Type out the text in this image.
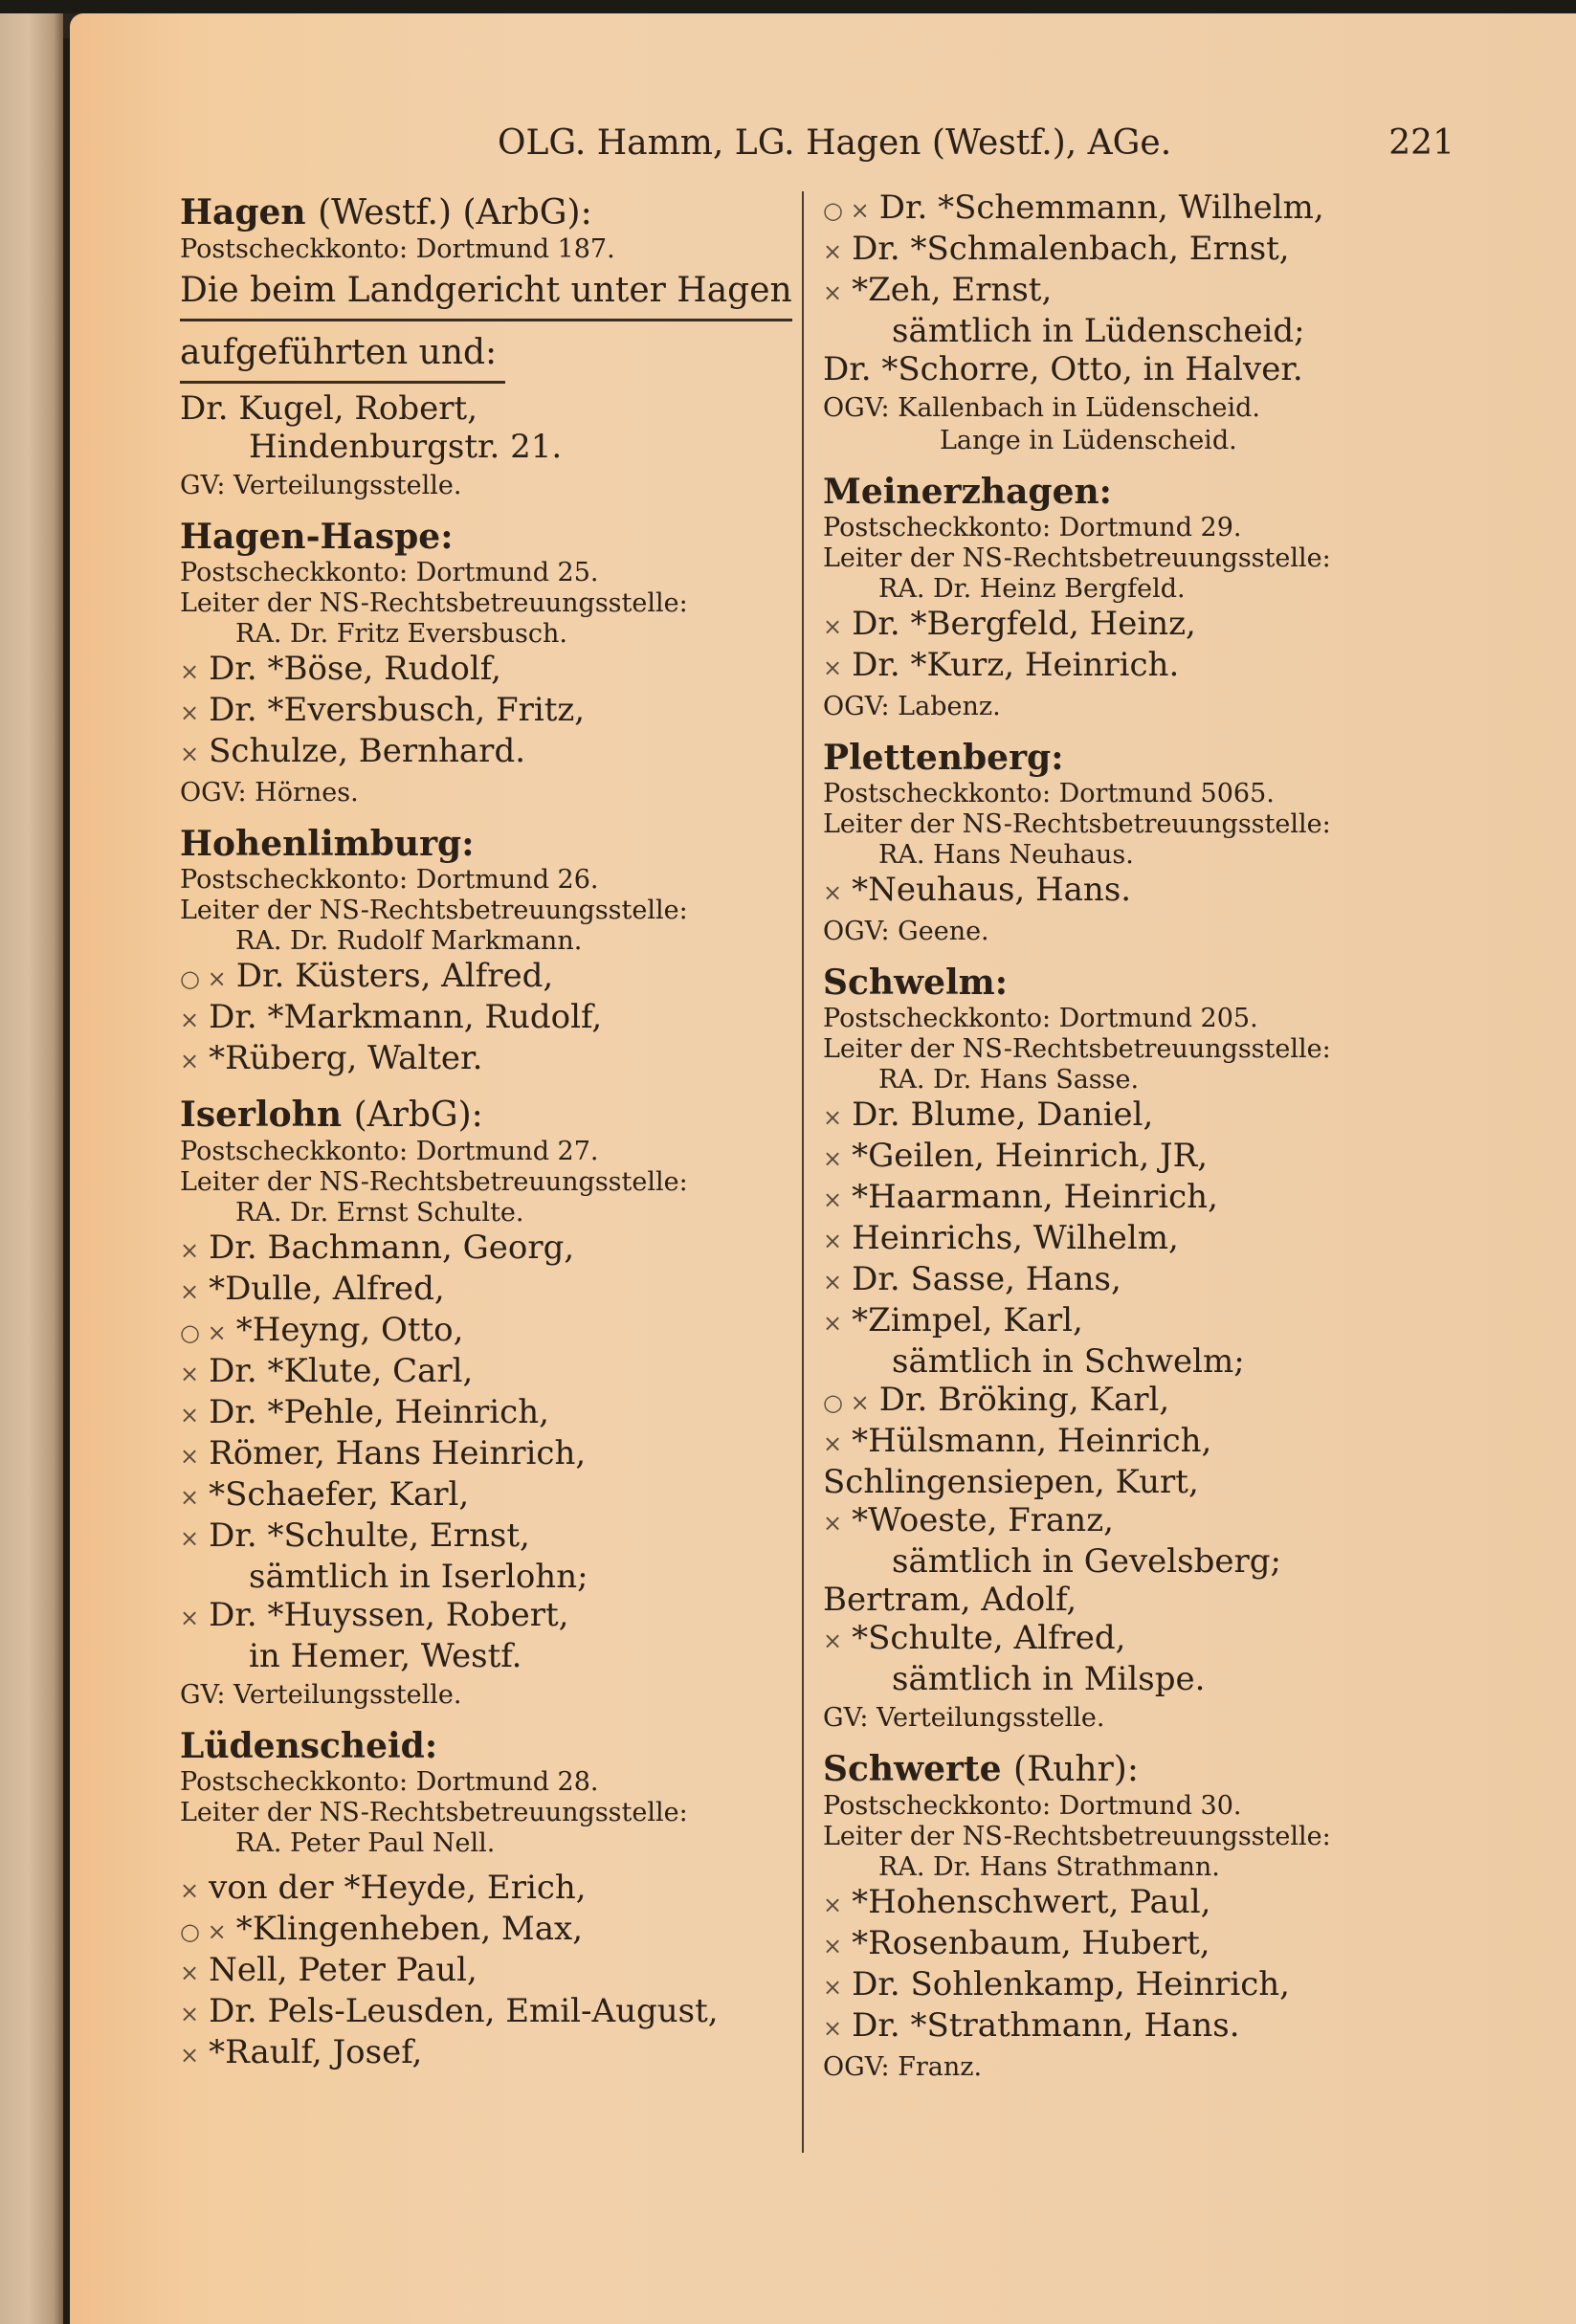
OLG. Hamm, LG. Hagen (Westf.), AGe.	221
Hagen (Westf.) (ArbG):
Postscheckkonto: Dortmund 187.
Die beim Landgericht unter Hagen
aufgeführten und:
Dr. Kugel, Robert,
Hindenburgstr. 21.
GV: Verteilungsstelle.
Hagen-Haspe:
Postscheckkonto: Dortmund 25.
Leiter der NS-Rechtsbetreuungsstelle:
RA. Dr. Fritz Eversbusch.
× Dr. *Böse, Rudolf,
× Dr. *Eversbusch, Fritz,
× Schulze, Bernhard.
OGV: Hörnes.
Hohenlimburg:
Postscheckkonto: Dortmund 26.
Leiter der NS-Rechtsbetreuungsstelle:
RA. Dr. Rudolf Markmann.
○ × Dr. Küsters, Alfred,
× Dr. *Markmann, Rudolf,
× *Rüberg, Walter.
Iserlohn (ArbG):
Postscheckkonto: Dortmund 27.
Leiter der NS-Rechtsbetreuungsstelle:
RA. Dr. Ernst Schulte.
× Dr. Bachmann, Georg,
× *Dulle, Alfred,
○ × *Heyng, Otto,
× Dr. *Klute, Carl,
× Dr. *Pehle, Heinrich,
× Römer, Hans Heinrich,
× *Schaefer, Karl,
× Dr. *Schulte, Ernst,
sämtlich in Iserlohn;
× Dr. *Huyssen, Robert,
in Hemer, Westf.
GV: Verteilungsstelle.
Lüdenscheid:
Postscheckkonto: Dortmund 28.
Leiter der NS-Rechtsbetreuungsstelle:
RA. Peter Paul Nell.
× von der *Heyde, Erich,
○ × *Klingenheben, Max,
× Nell, Peter Paul,
× Dr. Pels-Leusden, Emil-August,
× *Raulf, Josef,
○ × Dr. *Schemmann, Wilhelm,
× Dr. *Schmalenbach, Ernst,
× *Zeh, Ernst,
sämtlich in Lüdenscheid;
Dr. *Schorre, Otto, in Halver.
OGV: Kallenbach in Lüdenscheid.
Lange in Lüdenscheid.
Meinerzhagen:
Postscheckkonto: Dortmund 29.
Leiter der NS-Rechtsbetreuungsstelle:
RA. Dr. Heinz Bergfeld.
× Dr. *Bergfeld, Heinz,
× Dr. *Kurz, Heinrich.
OGV: Labenz.
Plettenberg:
Postscheckkonto: Dortmund 5065.
Leiter der NS-Rechtsbetreuungsstelle:
RA. Hans Neuhaus.
× *Neuhaus, Hans.
OGV: Geene.
Schwelm:
Postscheckkonto: Dortmund 205.
Leiter der NS-Rechtsbetreuungsstelle:
RA. Dr. Hans Sasse.
× Dr. Blume, Daniel,
× *Geilen, Heinrich, JR,
× *Haarmann, Heinrich,
× Heinrichs, Wilhelm,
× Dr. Sasse, Hans,
× *Zimpel, Karl,
sämtlich in Schwelm;
○ × Dr. Bröking, Karl,
× *Hülsmann, Heinrich,
Schlingensiepen, Kurt,
× *Woeste, Franz,
sämtlich in Gevelsberg;
Bertram, Adolf,
× *Schulte, Alfred,
sämtlich in Milspe.
GV: Verteilungsstelle.
Schwerte (Ruhr):
Postscheckkonto: Dortmund 30.
Leiter der NS-Rechtsbetreuungsstelle:
RA. Dr. Hans Strathmann.
× *Hohenschwert, Paul,
× *Rosenbaum, Hubert,
× Dr. Sohlenkamp, Heinrich,
× Dr. *Strathmann, Hans.
OGV: Franz.
